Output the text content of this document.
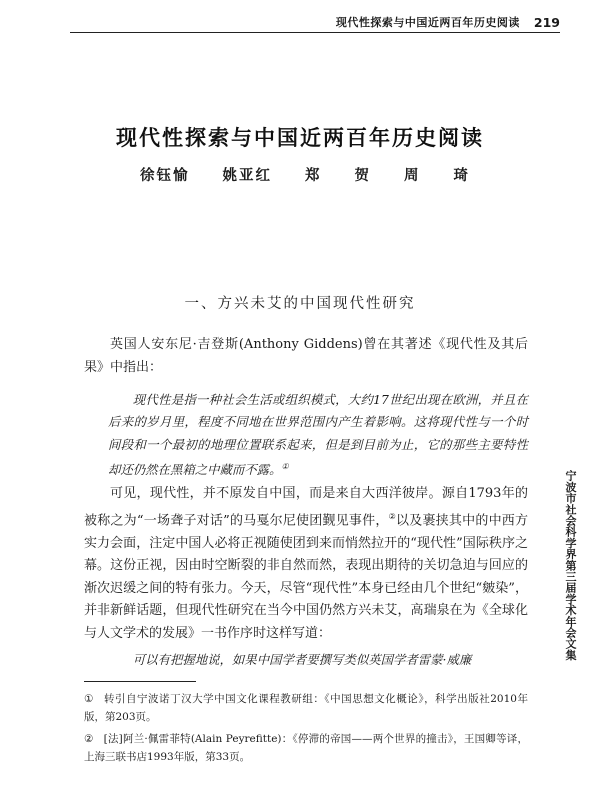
现代性探索与中国近两百年历史阅读 219
现代性探索与中国近两百年历史阅读
徐钰愉 姚亚红 郑 贺 周 琦
一、方兴未艾的中国现代性研究

英国人安东尼·吉登斯(Anthony Giddens)曾在其著述《现代性及其后果》中指出：

现代性是指一种社会生活或组织模式，大约17世纪出现在欧洲，并且在后来的岁月里，程度不同地在世界范围内产生着影响。这将现代性与一个时间段和一个最初的地理位置联系起来，但是到目前为止，它的那些主要特性却还仍然在黑箱之中藏而不露。①

可见，现代性，并不原发自中国，而是来自大西洋彼岸。源自1793年的被称之为“一场聋子对话”的马戛尔尼使团觐见事件，②以及裹挟其中的中西方实力会面，注定中国人必将正视随使团到来而悄然拉开的“现代性”国际秩序之幕。这份正视，因由时空断裂的非自然而然，表现出期待的关切急迫与回应的渐次迟缓之间的特有张力。今天，尽管“现代性”本身已经由几个世纪“皴染”，并非新鲜话题，但现代性研究在当今中国仍然方兴未艾，高瑞泉在为《全球化与人文学术的发展》一书作序时这样写道：

可以有把握地说，如果中国学者要撰写类似英国学者雷蒙·威廉

① 转引自宁波诺丁汉大学中国文化课程教研组：《中国思想文化概论》，科学出版社2010年版，第203页。

② [法]阿兰·佩雷菲特(Alain Peyrefitte)：《停滞的帝国——两个世界的撞击》，王国卿等译，上海三联书店1993年版，第33页。

宁波市社会科学界第三届学术年会文集
